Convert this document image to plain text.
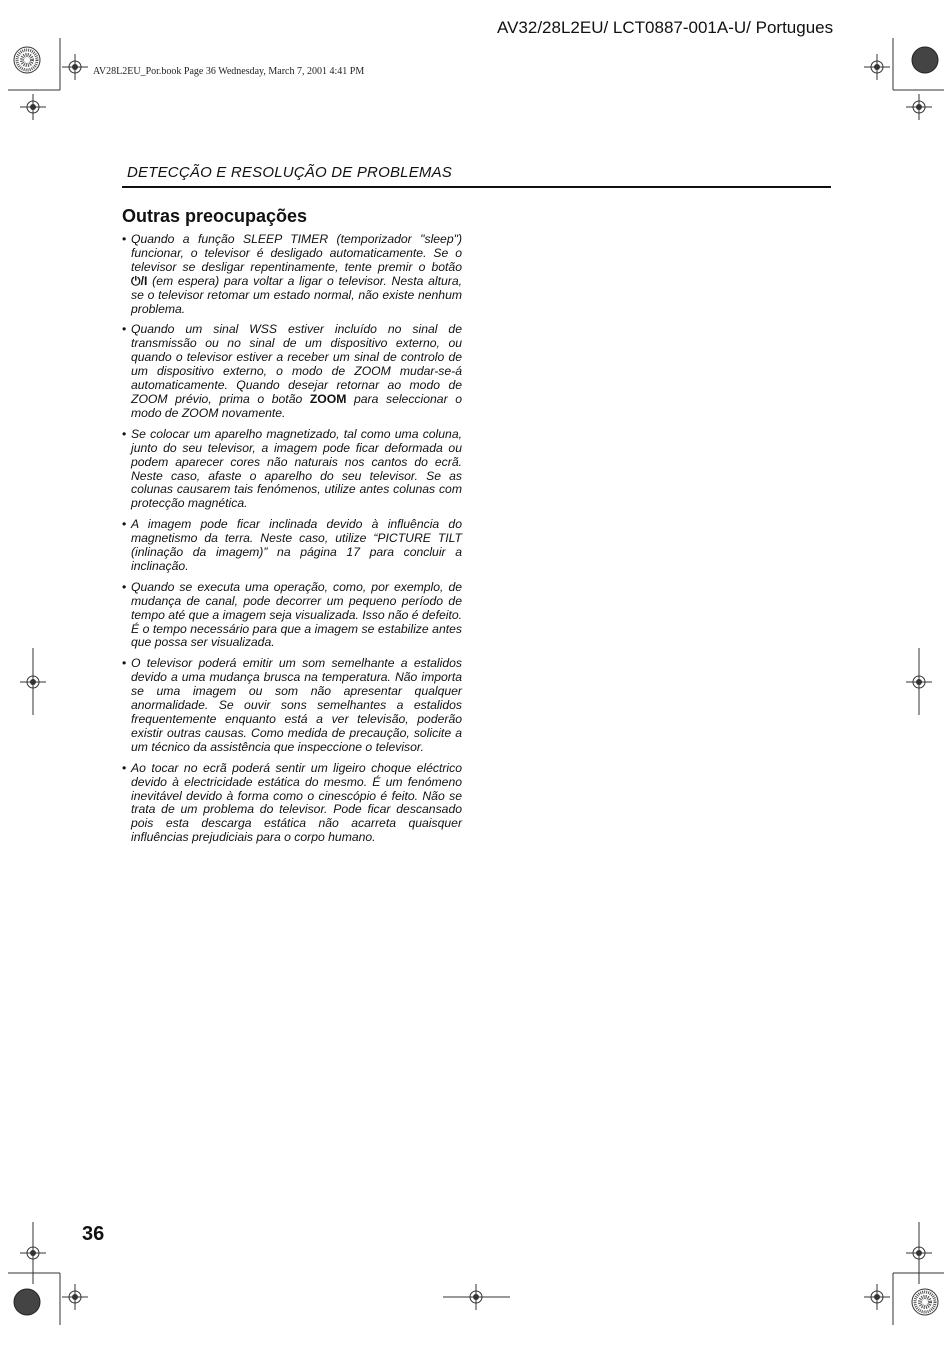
AV32/28L2EU/ LCT0887-001A-U/ Portugues
AV28L2EU_Por.book Page 36 Wednesday, March 7, 2001 4:41 PM
DETECÇÃO E RESOLUÇÃO DE PROBLEMAS
Outras preocupações
• Quando a função SLEEP TIMER (temporizador "sleep") funcionar, o televisor é desligado automaticamente. Se o televisor se desligar repentinamente, tente premir o botão ⏻/I (em espera) para voltar a ligar o televisor. Nesta altura, se o televisor retomar um estado normal, não existe nenhum problema.
• Quando um sinal WSS estiver incluído no sinal de transmissão ou no sinal de um dispositivo externo, ou quando o televisor estiver a receber um sinal de controlo de um dispositivo externo, o modo de ZOOM mudar-se-á automaticamente. Quando desejar retornar ao modo de ZOOM prévio, prima o botão ZOOM para seleccionar o modo de ZOOM novamente.
• Se colocar um aparelho magnetizado, tal como uma coluna, junto do seu televisor, a imagem pode ficar deformada ou podem aparecer cores não naturais nos cantos do ecrã. Neste caso, afaste o aparelho do seu televisor. Se as colunas causarem tais fenómenos, utilize antes colunas com protecção magnética.
• A imagem pode ficar inclinada devido à influência do magnetismo da terra. Neste caso, utilize “PICTURE TILT (inlinação da imagem)” na página 17 para concluir a inclinação.
• Quando se executa uma operação, como, por exemplo, de mudança de canal, pode decorrer um pequeno período de tempo até que a imagem seja visualizada. Isso não é defeito. É o tempo necessário para que a imagem se estabilize antes que possa ser visualizada.
• O televisor poderá emitir um som semelhante a estalidos devido a uma mudança brusca na temperatura. Não importa se uma imagem ou som não apresentar qualquer anormalidade. Se ouvir sons semelhantes a estalidos frequentemente enquanto está a ver televisão, poderão existir outras causas. Como medida de precaução, solicite a um técnico da assistência que inspeccione o televisor.
• Ao tocar no ecrã poderá sentir um ligeiro choque eléctrico devido à electricidade estática do mesmo. É um fenómeno inevitável devido à forma como o cinescópio é feito. Não se trata de um problema do televisor. Pode ficar descansado pois esta descarga estática não acarreta quaisquer influências prejudiciais para o corpo humano.
36
